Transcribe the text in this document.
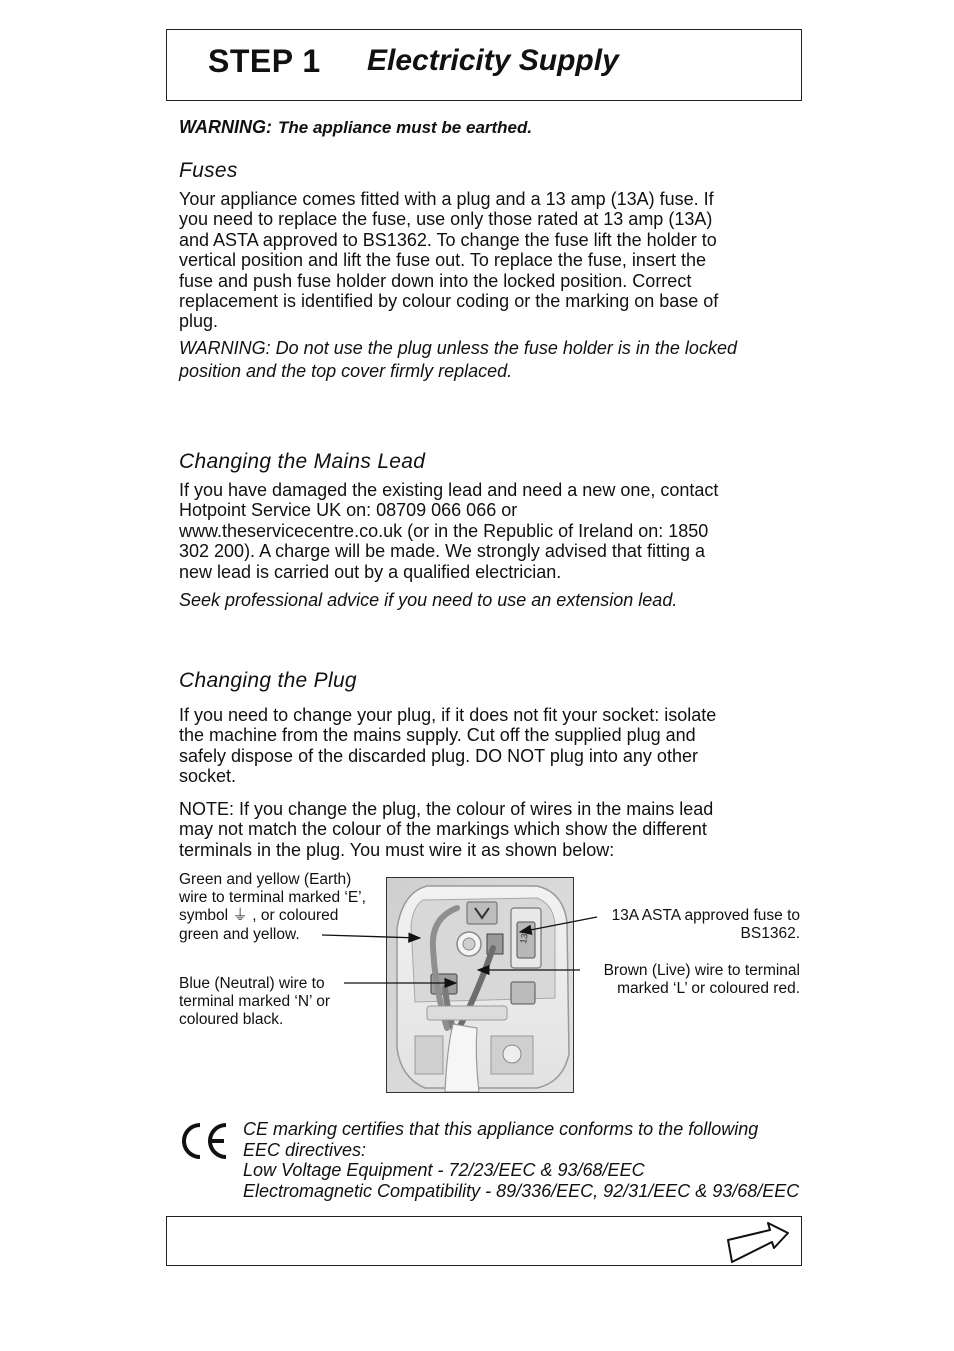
STEP 1 Electricity Supply
WARNING: The appliance must be earthed.
Fuses
Your appliance comes fitted with a plug and a 13 amp (13A) fuse. If
you need to replace the fuse, use only those rated at 13 amp (13A)
and ASTA approved to BS1362. To change the fuse lift the holder to
vertical position and lift the fuse out. To replace the fuse, insert the
fuse and push fuse holder down into the locked position. Correct
replacement is identified by colour coding or the marking on base of
plug.
WARNING: Do not use the plug unless the fuse holder is in the locked
position and the top cover firmly replaced.
Changing the Mains Lead
If you have damaged the existing lead and need a new one, contact
Hotpoint Service UK on: 08709 066 066 or
www.theservicecentre.co.uk (or in the Republic of Ireland on: 1850
302 200). A charge will be made. We strongly advised that fitting a
new lead is carried out by a qualified electrician.
Seek professional advice if you need to use an extension lead.
Changing the Plug
If you need to change your plug, if it does not fit your socket: isolate
the machine from the mains supply. Cut off the supplied plug and
safely dispose of the discarded plug. DO NOT plug into any other
socket.
NOTE: If you change the plug, the colour of wires in the mains lead
may not match the colour of the markings which show the different
terminals in the plug. You must wire it as shown below:
Green and yellow (Earth)
wire to terminal marked ‘E’,
symbol ⏚ , or coloured
green and yellow.
Blue (Neutral) wire to
terminal marked ‘N’ or
coloured black.
13A ASTA approved fuse to
BS1362.
Brown (Live) wire to terminal
marked ‘L’ or coloured red.
13A
CE marking certifies that this appliance conforms to the following
EEC directives:
Low Voltage Equipment - 72/23/EEC & 93/68/EEC
Electromagnetic Compatibility - 89/336/EEC, 92/31/EEC & 93/68/EEC
